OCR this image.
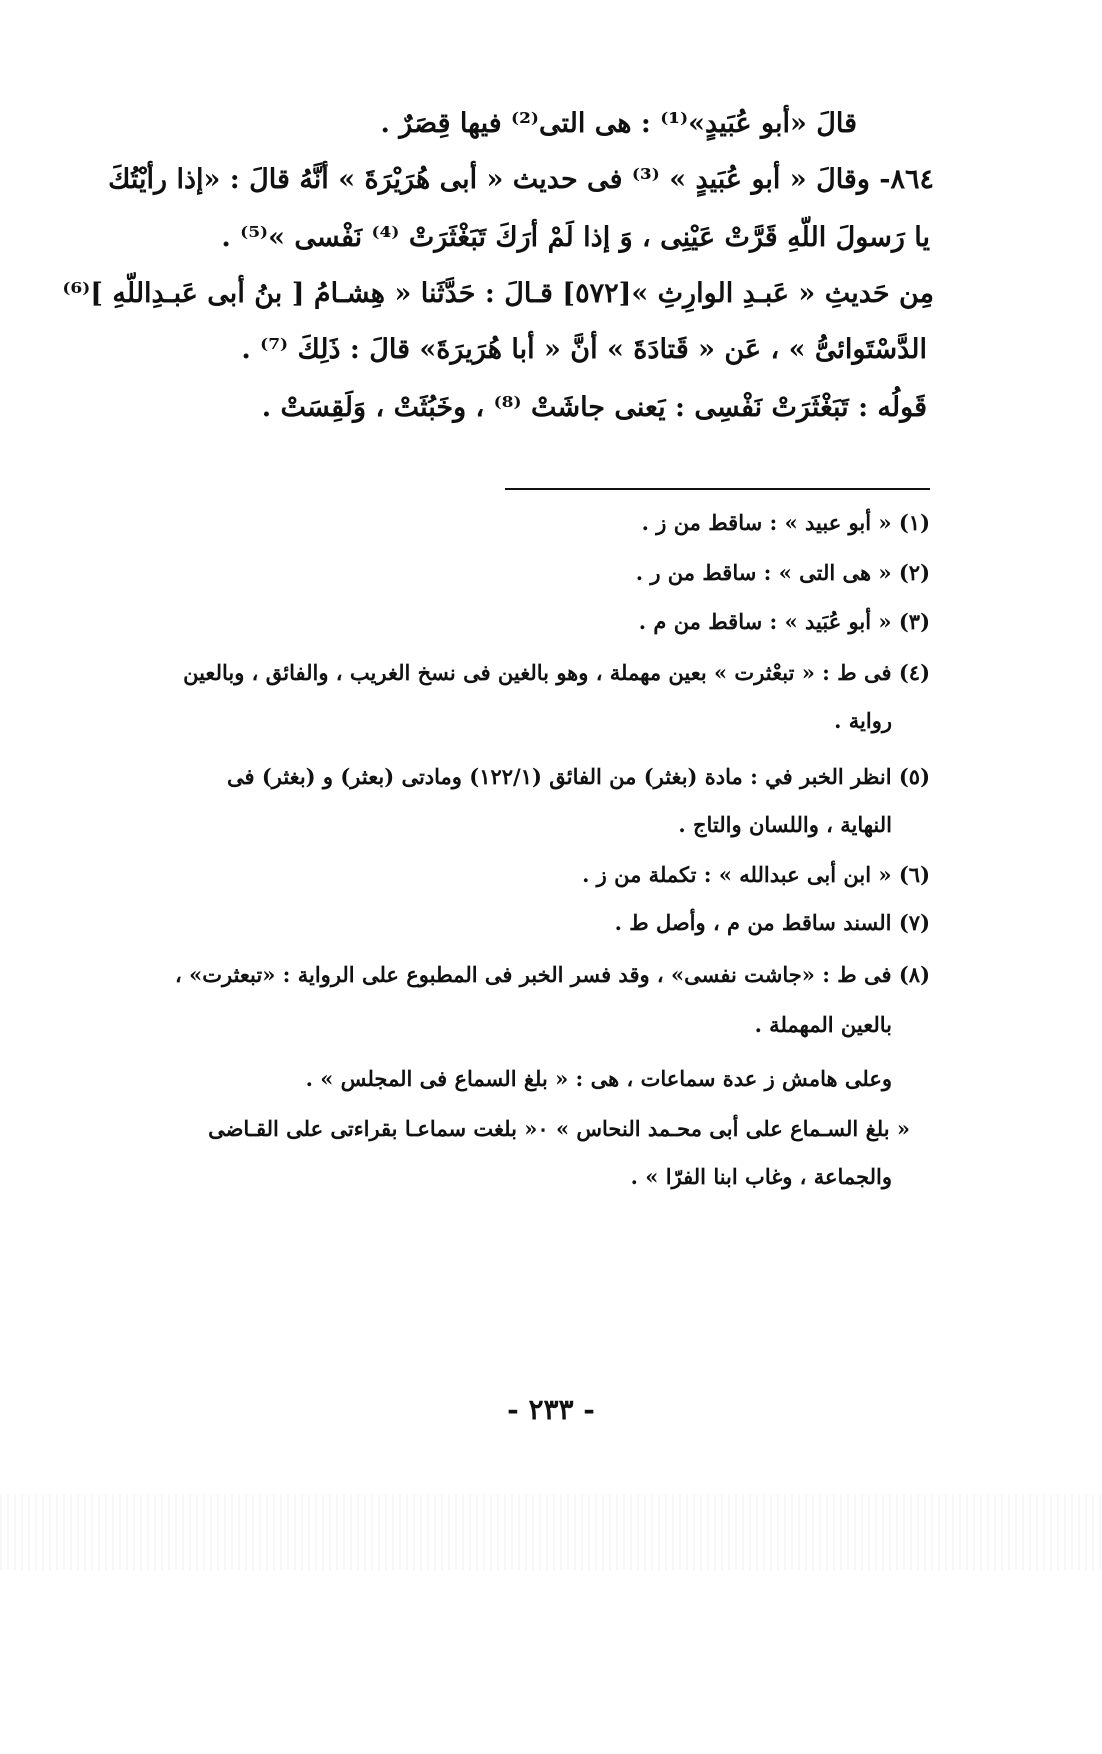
قالَ «أبو عُبَيدٍ»⁽¹⁾ : هى التى⁽²⁾ فيها قِصَرٌ .
٨٦٤- وقالَ « أبو عُبَيدٍ » ⁽³⁾ فى حديث « أبى هُرَيْرَةَ » أنَّهُ قالَ : «إذا رأيْتُكَ
يا رَسولَ اللّهِ قَرَّتْ عَيْنِى ، وَ إذا لَمْ أرَكَ تَبَغْثَرَتْ ⁽⁴⁾ نَفْسى »⁽⁵⁾ .
مِن حَديثِ « عَبـدِ الوارِثِ »[٥٧٢] قـالَ : حَدَّثَنا « هِشـامُ [ بنُ أبى عَبـدِاللّهِ ]⁽⁶⁾
الدَّسْتَوائىُّ » ، عَن « قَتادَةَ » أنَّ « أبا هُرَيرَةَ» قالَ : ذَلِكَ ⁽⁷⁾ .
قَولُه : تَبَغْثَرَتْ نَفْسِى : يَعنى جاشَتْ ⁽⁸⁾ ، وخَبُثَتْ ، وَلَقِسَتْ .
(١) « أبو عبيد » : ساقط من ز .
(٢) « هى التى » : ساقط من ر .
(٣) « أبو عُبَيد » : ساقط من م .
(٤) فى ط : « تبعْثرت » بعين مهملة ، وهو بالغين فى نسخ الغريب ، والفائق ، وبالعين
رواية .
(٥) انظر الخبر في : مادة (بغثر) من الفائق (١٢٢/١) ومادتى (بعثر) و (بغثر) فى
النهاية ، واللسان والتاج .
(٦) « ابن أبى عبدالله » : تكملة من ز .
(٧) السند ساقط من م ، وأصل ط .
(٨) فى ط : «جاشت نفسى» ، وقد فسر الخبر فى المطبوع على الرواية : «تبعثرت» ،
بالعين المهملة .
وعلى هامش ز عدة سماعات ، هى : « بلغ السماع فى المجلس » .
« بلغ السـماع على أبى محـمد النحاس » ٠« بلغت سماعـا بقراءتى على القـاضى
والجماعة ، وغاب ابنا الفرّا » .
- ٢٣٣ -
